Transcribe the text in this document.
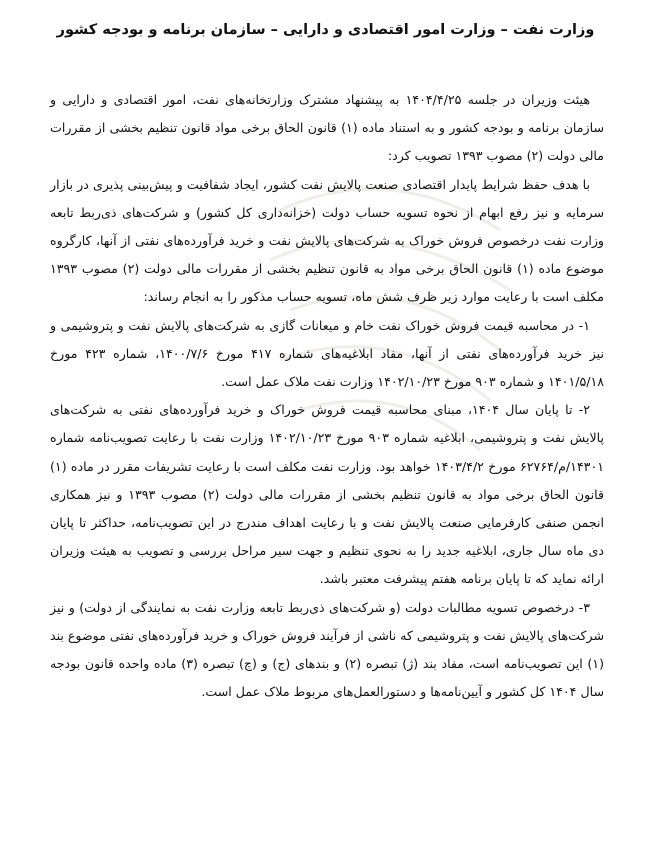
وزارت نفت – وزارت امور اقتصادی و دارایی – سازمان برنامه و بودجه کشور

هیئت وزیران در جلسه ۱۴۰۴/۴/۲۵ به پیشنهاد مشترک وزارتخانه‌های نفت، امور اقتصادی و دارایی و سازمان برنامه و بودجه کشور و به استناد ماده (۱) قانون الحاق برخی مواد قانون تنظیم بخشی از مقررات مالی دولت (۲) مصوب ۱۳۹۳ تصویب کرد:

با هدف حفظ شرایط پایدار اقتصادی صنعت پالایش نفت کشور، ایجاد شفافیت و پیش‌بینی پذیری در بازار سرمایه و نیز رفع ابهام از نحوه تسویه حساب دولت (خزانه‌داری کل کشور) و شرکت‌های ذی‌ربط تابعه وزارت نفت درخصوص فروش خوراک به شرکت‌های پالایش نفت و خرید فرآورده‌های نفتی از آنها، کارگروه موضوع ماده (۱) قانون الحاق برخی مواد به قانون تنظیم بخشی از مقررات مالی دولت (۲) مصوب ۱۳۹۳ مکلف است با رعایت موارد زیر ظرف شش ماه، تسویه حساب مذکور را به انجام رساند:

۱- در محاسبه قیمت فروش خوراک نفت خام و میعانات گازی به شرکت‌های پالایش نفت و پتروشیمی و نیز خرید فرآورده‌های نفتی از آنها، مفاد ابلاغیه‌های شماره ۴۱۷ مورخ ۱۴۰۰/۷/۶، شماره ۴۲۳ مورخ ۱۴۰۱/۵/۱۸ و شماره ۹۰۳ مورخ ۱۴۰۲/۱۰/۲۳ وزارت نفت ملاک عمل است.

۲- تا پایان سال ۱۴۰۴، مبنای محاسبه قیمت فروش خوراک و خرید فرآورده‌های نفتی به شرکت‌های پالایش نفت و پتروشیمی، ابلاغیه شماره ۹۰۳ مورخ ۱۴۰۲/۱۰/۲۳ وزارت نفت با رعایت تصویب‌نامه شماره ۱۴۳۰۱/م/۶۲۷۶۴ مورخ ۱۴۰۳/۴/۲ خواهد بود. وزارت نفت مکلف است با رعایت تشریفات مقرر در ماده (۱) قانون الحاق برخی مواد به قانون تنظیم بخشی از مقررات مالی دولت (۲) مصوب ۱۳۹۳ و نیز همکاری انجمن صنفی کارفرمایی صنعت پالایش نفت و با رعایت اهداف مندرج در این تصویب‌نامه، حداکثر تا پایان دی ماه سال جاری، ابلاغیه جدید را به نحوی تنظیم و جهت سیر مراحل بررسی و تصویب به هیئت وزیران ارائه نماید که تا پایان برنامه هفتم پیشرفت معتبر باشد.

۳- درخصوص تسویه مطالبات دولت (و شرکت‌های ذی‌ربط تابعه وزارت نفت به نمایندگی از دولت) و نیز شرکت‌های پالایش نفت و پتروشیمی که ناشی از فرآیند فروش خوراک و خرید فرآورده‌های نفتی موضوع بند (۱) این تصویب‌نامه است، مفاد بند (ژ) تبصره (۲) و بندهای (ج) و (چ) تبصره (۳) ماده واحده قانون بودجه سال ۱۴۰۴ کل کشور و آیین‌نامه‌ها و دستورالعمل‌های مربوط ملاک عمل است.
